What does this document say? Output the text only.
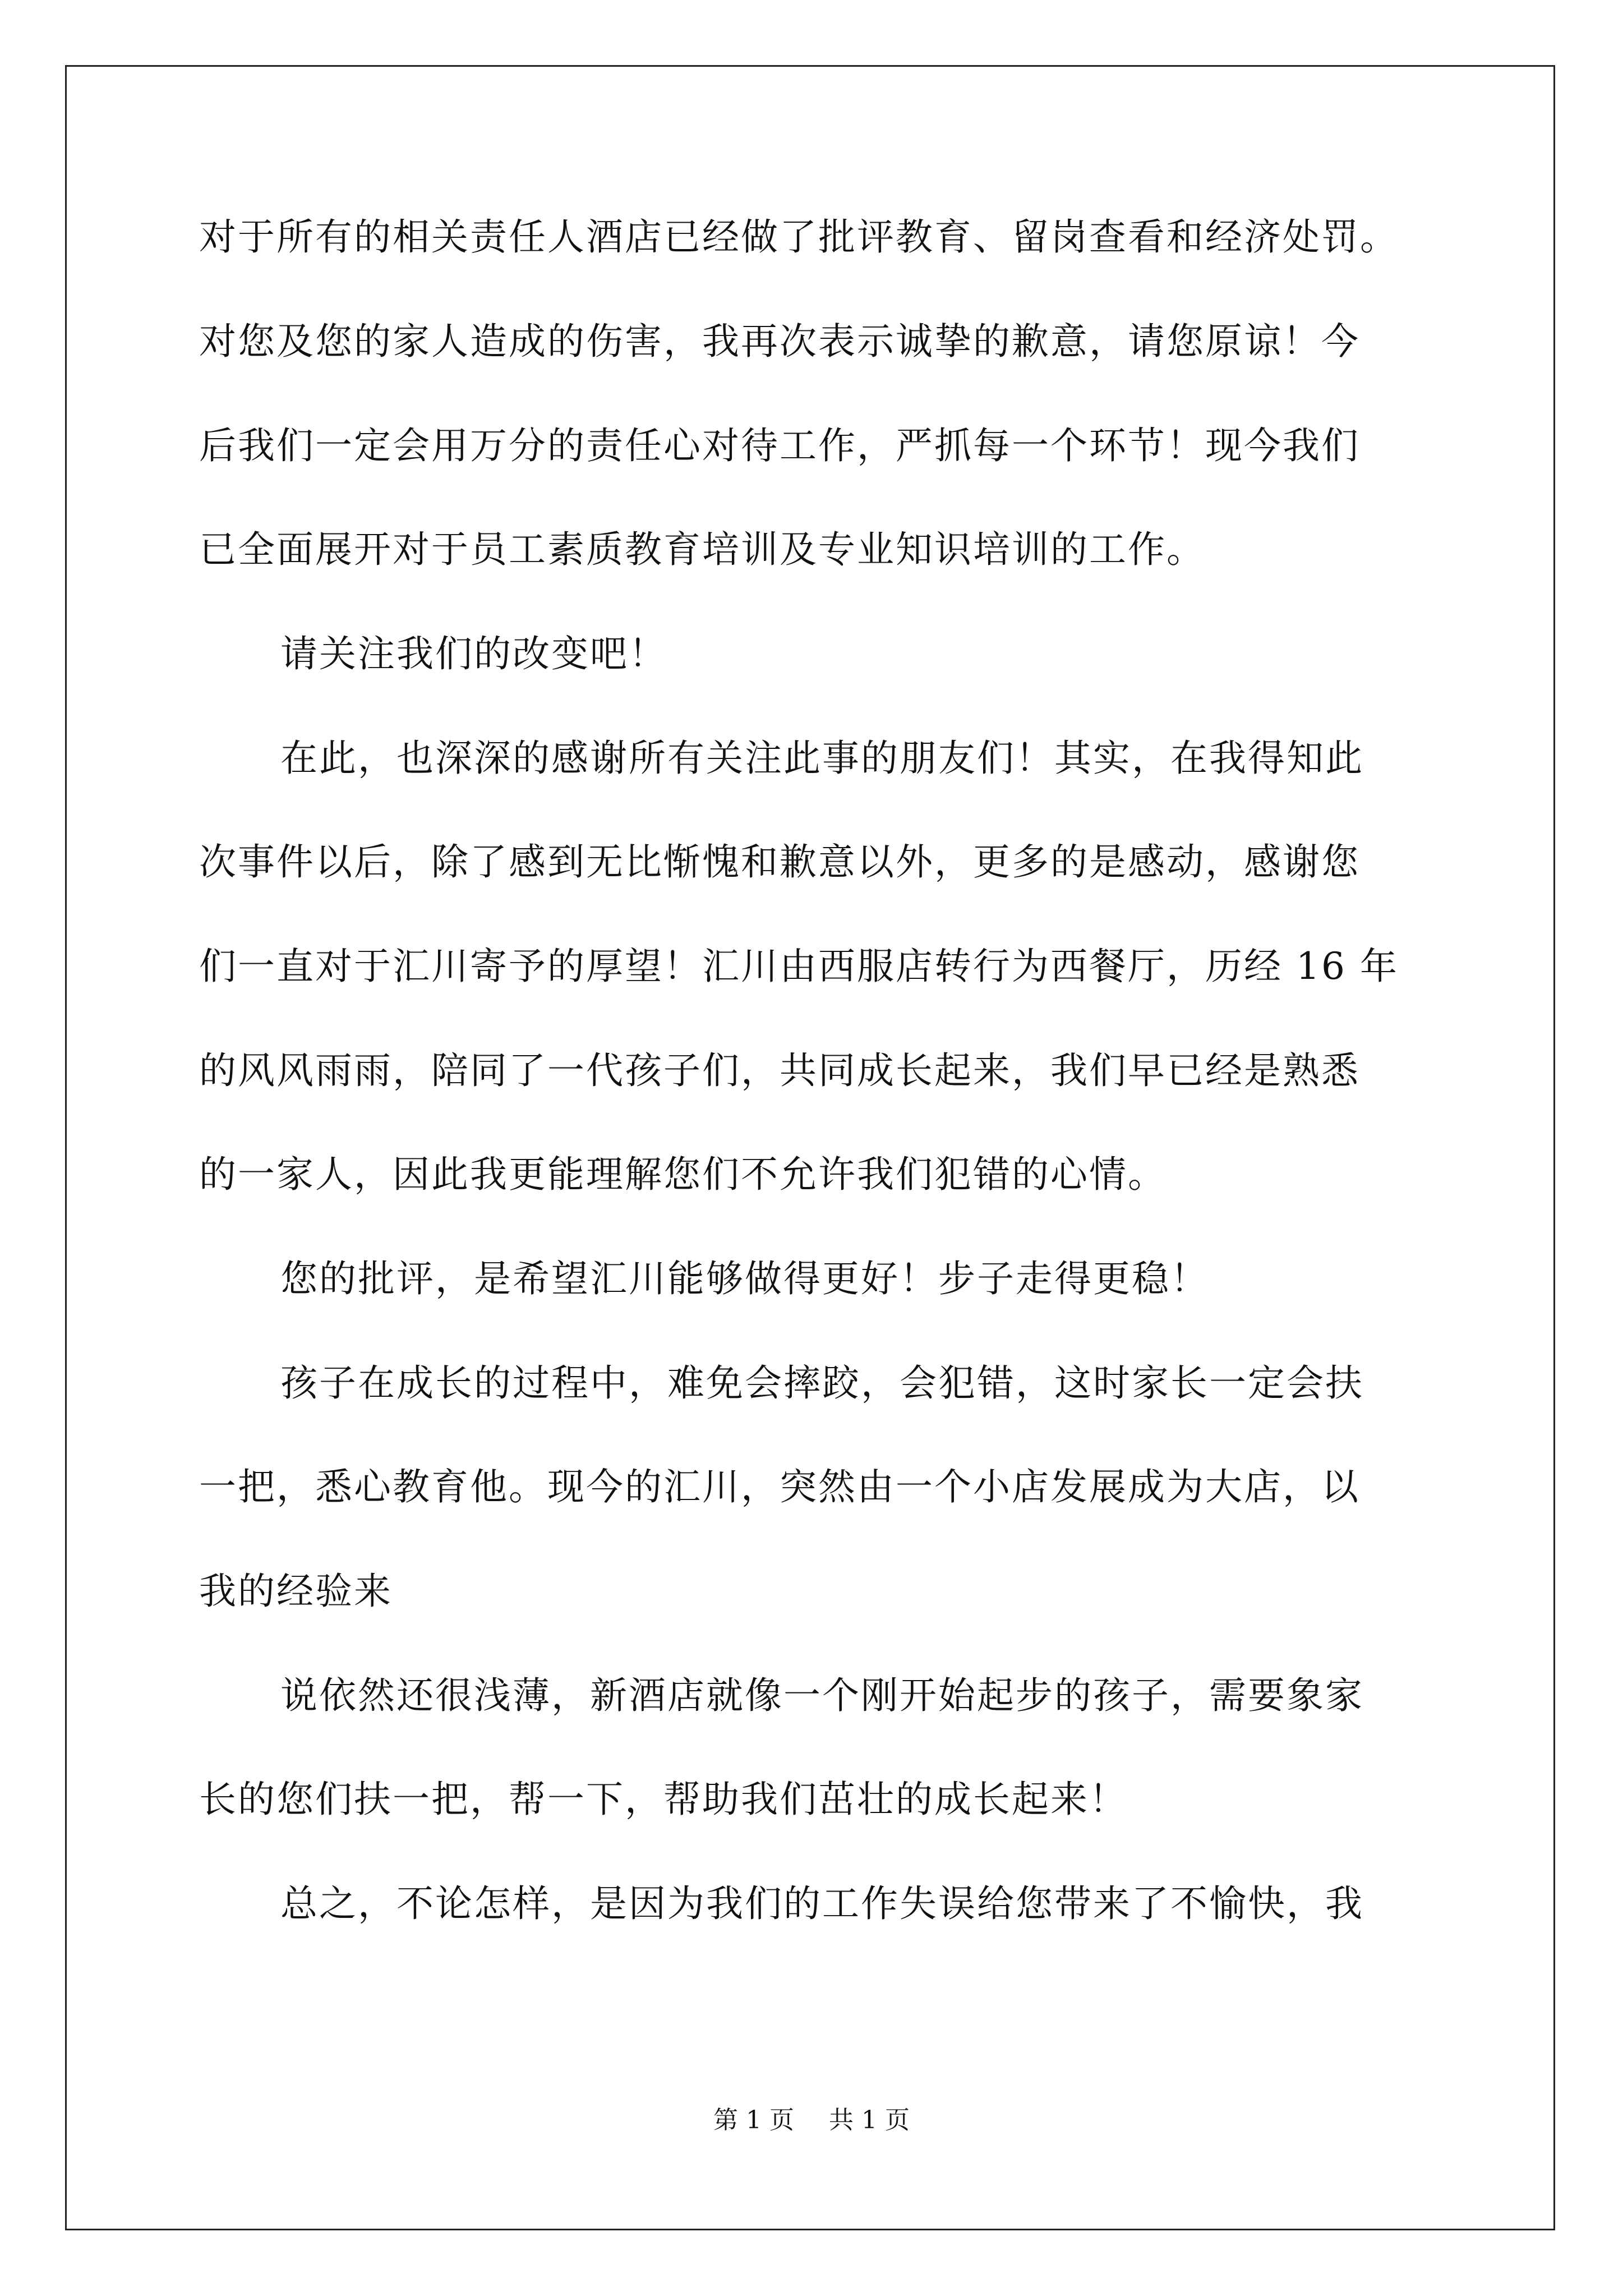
对于所有的相关责任人酒店已经做了批评教育、留岗查看和经济处罚。
对您及您的家人造成的伤害，我再次表示诚挚的歉意，请您原谅！今
后我们一定会用万分的责任心对待工作，严抓每一个环节！现今我们
已全面展开对于员工素质教育培训及专业知识培训的工作。
请关注我们的改变吧！
在此，也深深的感谢所有关注此事的朋友们！其实，在我得知此
次事件以后，除了感到无比惭愧和歉意以外，更多的是感动，感谢您
们一直对于汇川寄予的厚望！汇川由西服店转行为西餐厅，历经 16 年
的风风雨雨，陪同了一代孩子们，共同成长起来，我们早已经是熟悉
的一家人，因此我更能理解您们不允许我们犯错的心情。
您的批评，是希望汇川能够做得更好！步子走得更稳！
孩子在成长的过程中，难免会摔跤，会犯错，这时家长一定会扶
一把，悉心教育他。现今的汇川，突然由一个小店发展成为大店，以
我的经验来
说依然还很浅薄，新酒店就像一个刚开始起步的孩子，需要象家
长的您们扶一把，帮一下，帮助我们茁壮的成长起来！
总之，不论怎样，是因为我们的工作失误给您带来了不愉快，我
第 1 页 共 1 页
